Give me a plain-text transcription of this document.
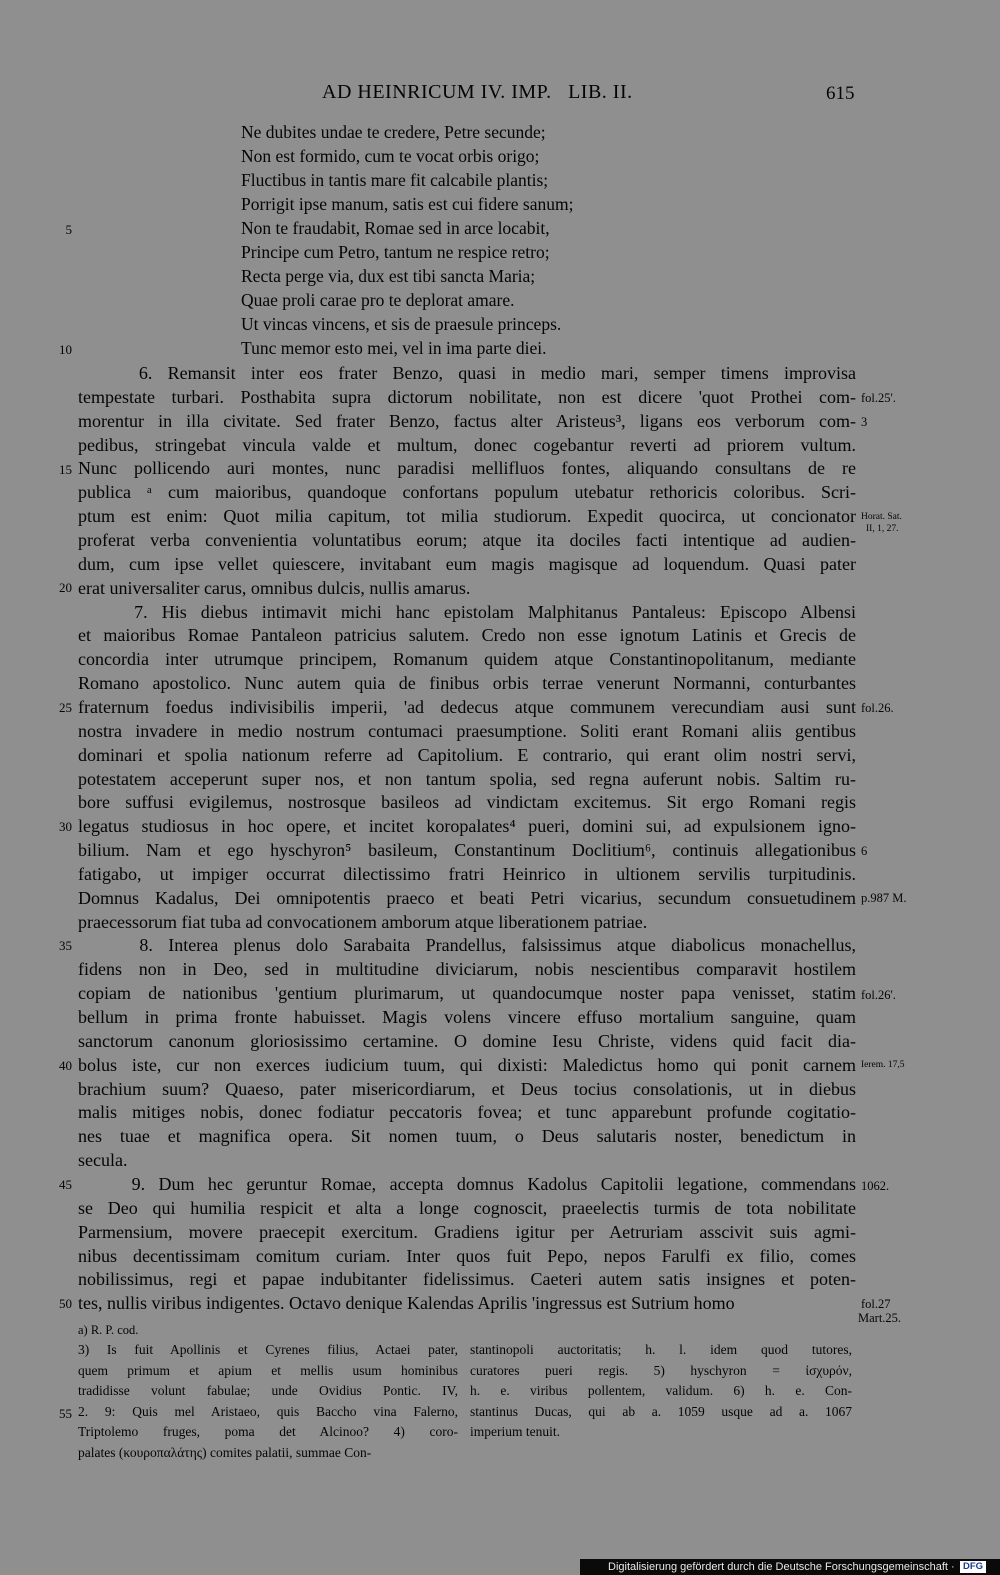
AD HEINRICUM IV. IMP.   LIB. II.	615
Ne dubites undae te credere, Petre secunde;
Non est formido, cum te vocat orbis origo;
Fluctibus in tantis mare fit calcabile plantis;
Porrigit ipse manum, satis est cui fidere sanum;
Non te fraudabit, Romae sed in arce locabit,
Principe cum Petro, tantum ne respice retro;
Recta perge via, dux est tibi sancta Maria;
Quae proli carae pro te deplorat amare.
Ut vincas vincens, et sis de praesule princeps.
Tunc memor esto mei, vel in ima parte diei.
6. Remansit inter eos frater Benzo, quasi in medio mari, semper timens improvisa
tempestate turbari. Posthabita supra dictorum nobilitate, non est dicere 'quot Prothei com-
morentur in illa civitate. Sed frater Benzo, factus alter Aristeus³, ligans eos verborum com-
pedibus, stringebat vincula valde et multum, donec cogebantur reverti ad priorem vultum.
Nunc pollicendo auri montes, nunc paradisi mellifluos fontes, aliquando consultans de re
publica ᵃ cum maioribus, quandoque confortans populum utebatur rethoricis coloribus. Scri-
ptum est enim: Quot milia capitum, tot milia studiorum. Expedit quocirca, ut concionator
proferat verba convenientia voluntatibus eorum; atque ita dociles facti intentique ad audien-
dum, cum ipse vellet quiescere, invitabant eum magis magisque ad loquendum. Quasi pater
erat universaliter carus, omnibus dulcis, nullis amarus.
7. His diebus intimavit michi hanc epistolam Malphitanus Pantaleus: Episcopo Albensi
et maioribus Romae Pantaleon patricius salutem. Credo non esse ignotum Latinis et Grecis de
concordia inter utrumque principem, Romanum quidem atque Constantinopolitanum, mediante
Romano apostolico. Nunc autem quia de finibus orbis terrae venerunt Normanni, conturbantes
fraternum foedus indivisibilis imperii, 'ad dedecus atque communem verecundiam ausi sunt
nostra invadere in medio nostrum contumaci praesumptione. Soliti erant Romani aliis gentibus
dominari et spolia nationum referre ad Capitolium. E contrario, qui erant olim nostri servi,
potestatem acceperunt super nos, et non tantum spolia, sed regna auferunt nobis. Saltim ru-
bore suffusi evigilemus, nostrosque basileos ad vindictam excitemus. Sit ergo Romani regis
legatus studiosus in hoc opere, et incitet koropalates⁴ pueri, domini sui, ad expulsionem igno-
bilium. Nam et ego hyschyron⁵ basileum, Constantinum Doclitium⁶, continuis allegationibus
fatigabo, ut impiger occurrat dilectissimo fratri Heinrico in ultionem servilis turpitudinis.
Domnus Kadalus, Dei omnipotentis praeco et beati Petri vicarius, secundum consuetudinem
praecessorum fiat tuba ad convocationem amborum atque liberationem patriae.
8. Interea plenus dolo Sarabaita Prandellus, falsissimus atque diabolicus monachellus,
fidens non in Deo, sed in multitudine diviciarum, nobis nescientibus comparavit hostilem
copiam de nationibus 'gentium plurimarum, ut quandocumque noster papa venisset, statim
bellum in prima fronte habuisset. Magis volens vincere effuso mortalium sanguine, quam
sanctorum canonum gloriosissimo certamine. O domine Iesu Christe, videns quid facit dia-
bolus iste, cur non exerces iudicium tuum, qui dixisti: Maledictus homo qui ponit carnem
brachium suum? Quaeso, pater misericordiarum, et Deus tocius consolationis, ut in diebus
malis mitiges nobis, donec fodiatur peccatoris fovea; et tunc apparebunt profunde cogitatio-
nes tuae et magnifica opera. Sit nomen tuum, o Deus salutaris noster, benedictum in
secula.
9. Dum hec geruntur Romae, accepta domnus Kadolus Capitolii legatione, commendans
se Deo qui humilia respicit et alta a longe cognoscit, praeelectis turmis de tota nobilitate
Parmensium, movere praecepit exercitum. Gradiens igitur per Aetruriam asscivit suis agmi-
nibus decentissimam comitum curiam. Inter quos fuit Pepo, nepos Farulfi ex filio, comes
nobilissimus, regi et papae indubitanter fidelissimus. Caeteri autem satis insignes et poten-
tes, nullis viribus indigentes. Octavo denique Kalendas Aprilis 'ingressus est Sutrium homo
5
10
15
20
25
30
35
40
45
50
55
fol.25'.
3
Horat. Sat.
II, 1, 27.
fol.26.
6
p.987 M.
fol.26'.
Ierem. 17,5
1062.
fol.27
Mart.25.
a) R. P. cod.
3) Is fuit Apollinis et Cyrenes filius, Actaei pater,
quem primum et apium et mellis usum hominibus
tradidisse volunt fabulae; unde Ovidius Pontic. IV,
2. 9: Quis mel Aristaeo, quis Baccho vina Falerno,
Triptolemo fruges, poma det Alcinoo? 4) coro-
palates (κουροπαλάτης) comites palatii, summae Con-
stantinopoli auctoritatis; h. l. idem quod tutores,
curatores pueri regis. 5) hyschyron = ἰσχυρόν,
h. e. viribus pollentem, validum. 6) h. e. Con-
stantinus Ducas, qui ab a. 1059 usque ad a. 1067
imperium tenuit.
Digitalisierung gefördert durch die Deutsche Forschungsgemeinschaft · DFG
